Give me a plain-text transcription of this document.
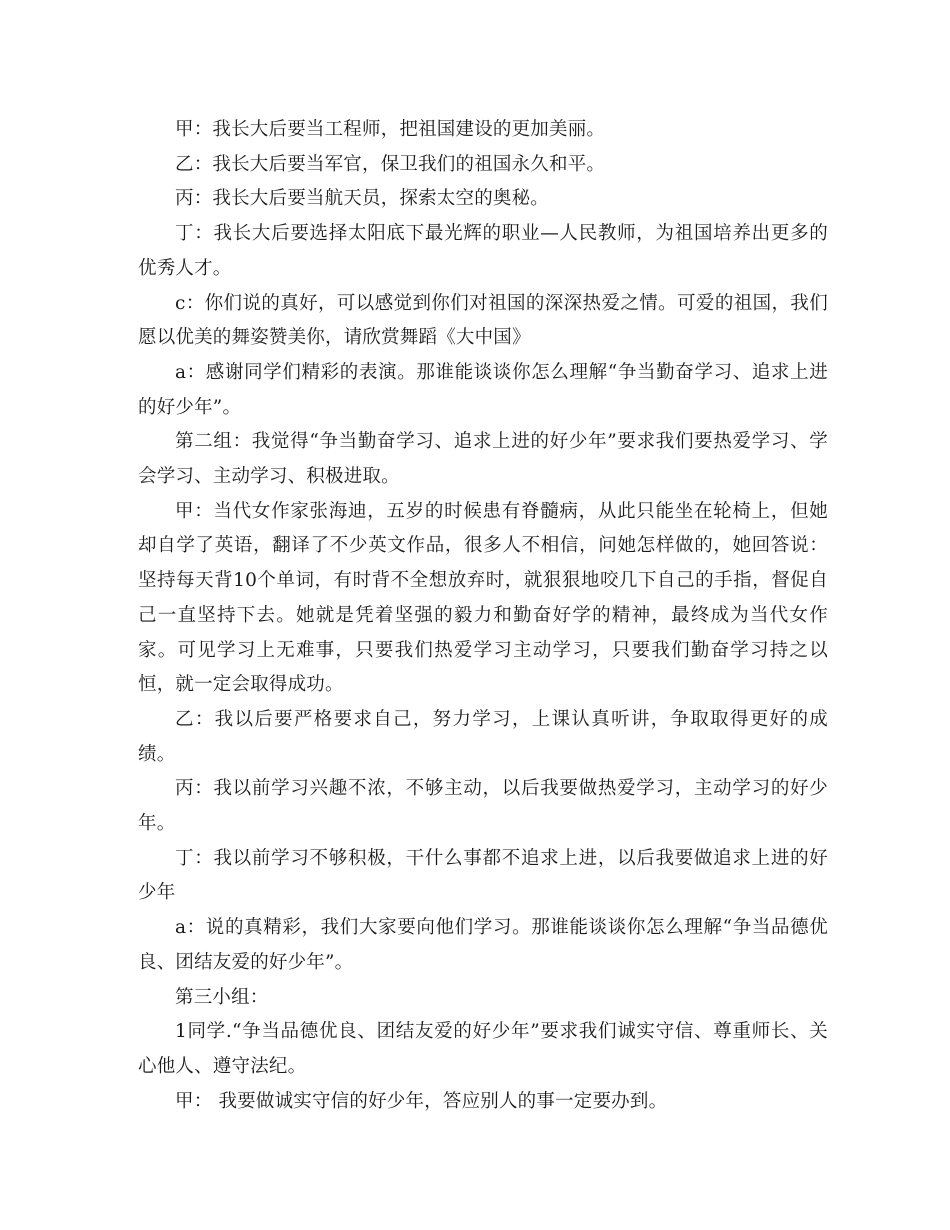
甲：我长大后要当工程师，把祖国建设的更加美丽。

乙：我长大后要当军官，保卫我们的祖国永久和平。

丙：我长大后要当航天员，探索太空的奥秘。

丁：我长大后要选择太阳底下最光辉的职业—人民教师，为祖国培养出更多的优秀人才。

c：你们说的真好，可以感觉到你们对祖国的深深热爱之情。可爱的祖国，我们愿以优美的舞姿赞美你，请欣赏舞蹈《大中国》

a：感谢同学们精彩的表演。那谁能谈谈你怎么理解“争当勤奋学习、追求上进的好少年”。

第二组：我觉得“争当勤奋学习、追求上进的好少年”要求我们要热爱学习、学会学习、主动学习、积极进取。

甲：当代女作家张海迪，五岁的时候患有脊髓病，从此只能坐在轮椅上，但她却自学了英语，翻译了不少英文作品，很多人不相信，问她怎样做的，她回答说：坚持每天背10个单词，有时背不全想放弃时，就狠狠地咬几下自己的手指，督促自己一直坚持下去。她就是凭着坚强的毅力和勤奋好学的精神，最终成为当代女作家。可见学习上无难事，只要我们热爱学习主动学习，只要我们勤奋学习持之以恒，就一定会取得成功。

乙：我以后要严格要求自己，努力学习，上课认真听讲，争取取得更好的成绩。

丙：我以前学习兴趣不浓，不够主动，以后我要做热爱学习，主动学习的好少年。

丁：我以前学习不够积极，干什么事都不追求上进，以后我要做追求上进的好少年

a：说的真精彩，我们大家要向他们学习。那谁能谈谈你怎么理解“争当品德优良、团结友爱的好少年”。

第三小组：

1同学.“争当品德优良、团结友爱的好少年”要求我们诚实守信、尊重师长、关心他人、遵守法纪。

甲： 我要做诚实守信的好少年，答应别人的事一定要办到。
